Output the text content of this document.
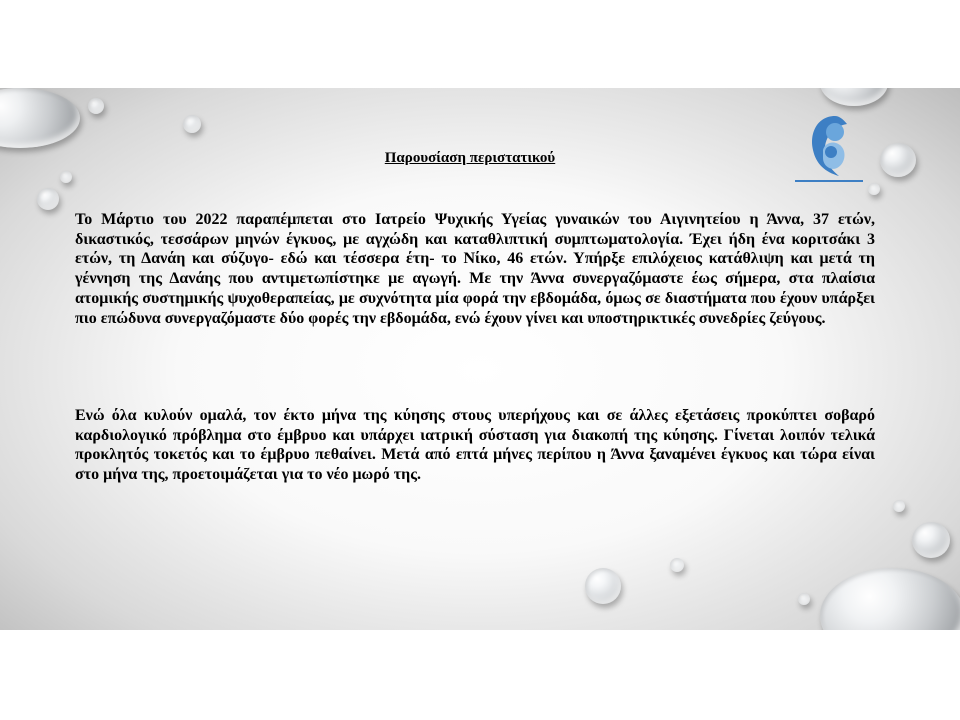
Παρουσίαση περιστατικού

Το Μάρτιο του 2022 παραπέμπεται στο Ιατρείο Ψυχικής Υγείας γυναικών του Αιγινητείου η Άννα, 37 ετών, δικαστικός, τεσσάρων μηνών έγκυος, με αγχώδη και καταθλιπτική συμπτωματολογία. Έχει ήδη ένα κοριτσάκι 3 ετών, τη Δανάη και σύζυγο- εδώ και τέσσερα έτη- το Νίκο, 46 ετών. Υπήρξε επιλόχειος κατάθλιψη και μετά τη γέννηση της Δανάης που αντιμετωπίστηκε με αγωγή. Με την Άννα συνεργαζόμαστε έως σήμερα, στα πλαίσια ατομικής συστημικής ψυχοθεραπείας, με συχνότητα μία φορά την εβδομάδα, όμως σε διαστήματα που έχουν υπάρξει πιο επώδυνα συνεργαζόμαστε δύο φορές την εβδομάδα, ενώ έχουν γίνει και υποστηρικτικές συνεδρίες ζεύγους.

Ενώ όλα κυλούν ομαλά, τον έκτο μήνα της κύησης στους υπερήχους και σε άλλες εξετάσεις προκύπτει σοβαρό καρδιολογικό πρόβλημα στο έμβρυο και υπάρχει ιατρική σύσταση για διακοπή της κύησης. Γίνεται λοιπόν τελικά προκλητός τοκετός και το έμβρυο πεθαίνει. Μετά από επτά μήνες περίπου η Άννα ξαναμένει έγκυος και τώρα είναι στο μήνα της, προετοιμάζεται για το νέο μωρό της.
